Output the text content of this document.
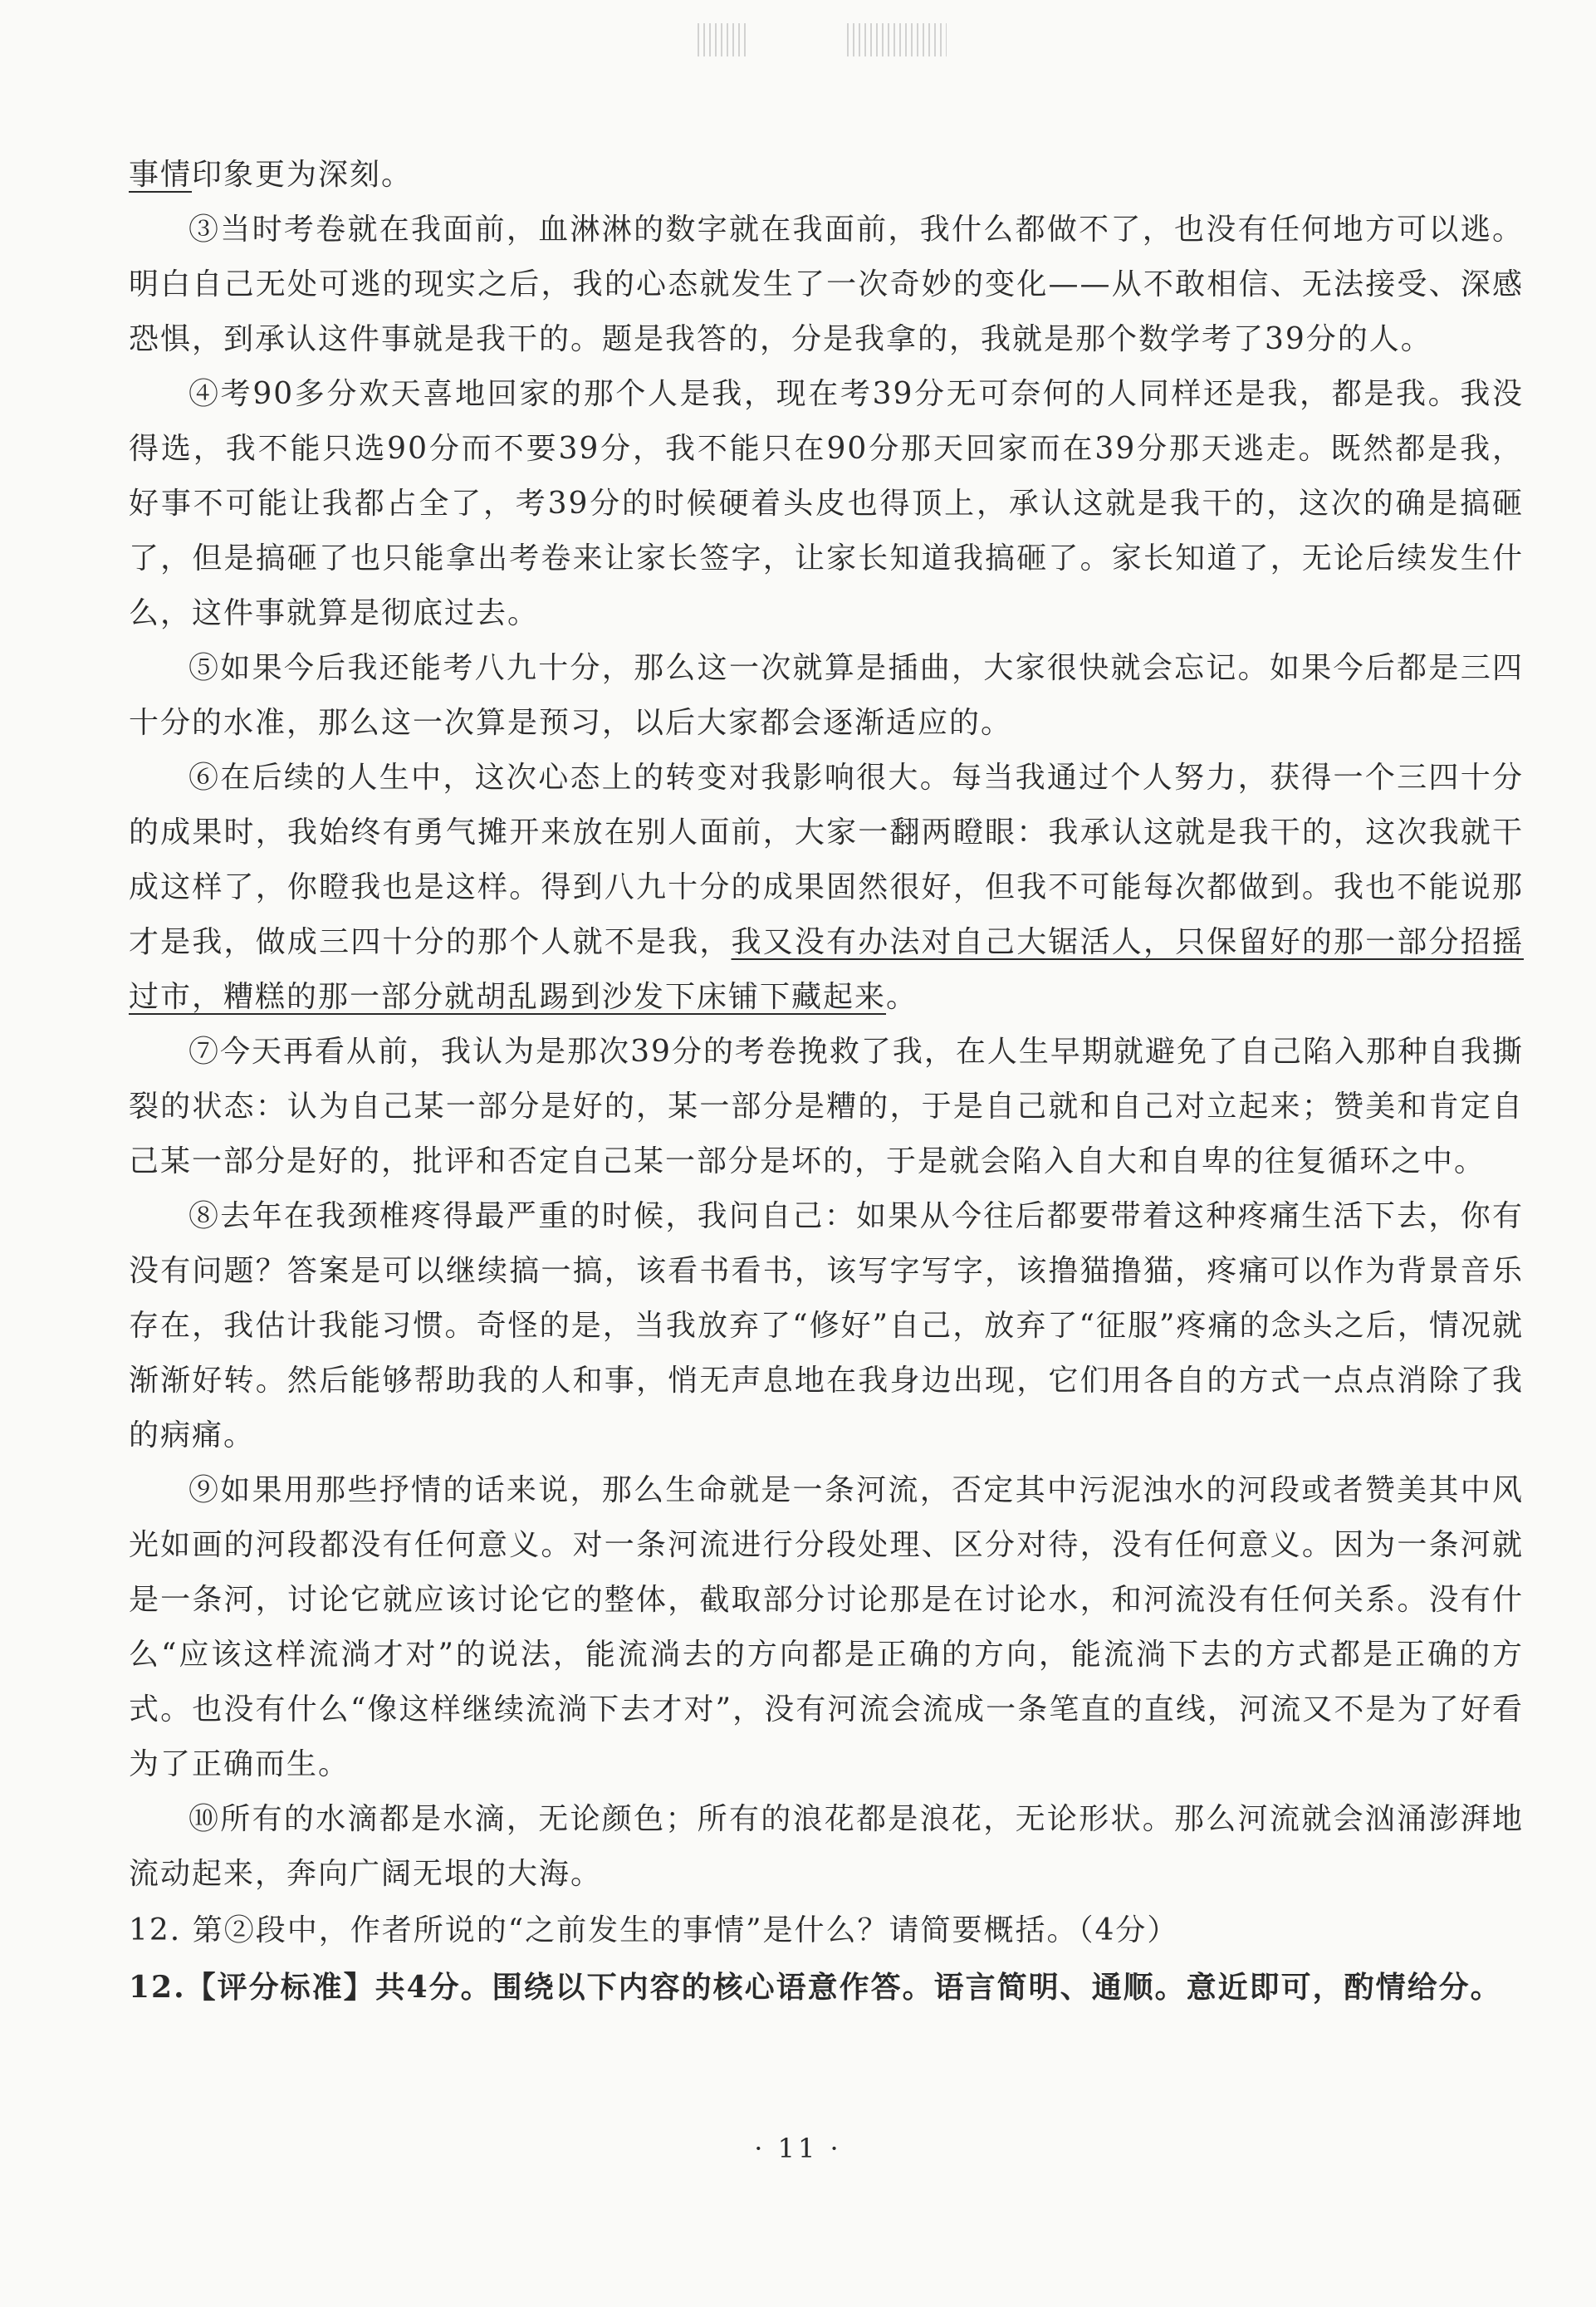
事情印象更为深刻。

③当时考卷就在我面前，血淋淋的数字就在我面前，我什么都做不了，也没有任何地方可以逃。明白自己无处可逃的现实之后，我的心态就发生了一次奇妙的变化——从不敢相信、无法接受、深感恐惧，到承认这件事就是我干的。题是我答的，分是我拿的，我就是那个数学考了39分的人。

④考90多分欢天喜地回家的那个人是我，现在考39分无可奈何的人同样还是我，都是我。我没得选，我不能只选90分而不要39分，我不能只在90分那天回家而在39分那天逃走。既然都是我，好事不可能让我都占全了，考39分的时候硬着头皮也得顶上，承认这就是我干的，这次的确是搞砸了，但是搞砸了也只能拿出考卷来让家长签字，让家长知道我搞砸了。家长知道了，无论后续发生什么，这件事就算是彻底过去。

⑤如果今后我还能考八九十分，那么这一次就算是插曲，大家很快就会忘记。如果今后都是三四十分的水准，那么这一次算是预习，以后大家都会逐渐适应的。

⑥在后续的人生中，这次心态上的转变对我影响很大。每当我通过个人努力，获得一个三四十分的成果时，我始终有勇气摊开来放在别人面前，大家一翻两瞪眼：我承认这就是我干的，这次我就干成这样了，你瞪我也是这样。得到八九十分的成果固然很好，但我不可能每次都做到。我也不能说那才是我，做成三四十分的那个人就不是我，我又没有办法对自己大锯活人，只保留好的那一部分招摇过市，糟糕的那一部分就胡乱踢到沙发下床铺下藏起来。

⑦今天再看从前，我认为是那次39分的考卷挽救了我，在人生早期就避免了自己陷入那种自我撕裂的状态：认为自己某一部分是好的，某一部分是糟的，于是自己就和自己对立起来；赞美和肯定自己某一部分是好的，批评和否定自己某一部分是坏的，于是就会陷入自大和自卑的往复循环之中。

⑧去年在我颈椎疼得最严重的时候，我问自己：如果从今往后都要带着这种疼痛生活下去，你有没有问题？答案是可以继续搞一搞，该看书看书，该写字写字，该撸猫撸猫，疼痛可以作为背景音乐存在，我估计我能习惯。奇怪的是，当我放弃了“修好”自己，放弃了“征服”疼痛的念头之后，情况就渐渐好转。然后能够帮助我的人和事，悄无声息地在我身边出现，它们用各自的方式一点点消除了我的病痛。

⑨如果用那些抒情的话来说，那么生命就是一条河流，否定其中污泥浊水的河段或者赞美其中风光如画的河段都没有任何意义。对一条河流进行分段处理、区分对待，没有任何意义。因为一条河就是一条河，讨论它就应该讨论它的整体，截取部分讨论那是在讨论水，和河流没有任何关系。没有什么“应该这样流淌才对”的说法，能流淌去的方向都是正确的方向，能流淌下去的方式都是正确的方式。也没有什么“像这样继续流淌下去才对”，没有河流会流成一条笔直的直线，河流又不是为了好看为了正确而生。

⑩所有的水滴都是水滴，无论颜色；所有的浪花都是浪花，无论形状。那么河流就会汹涌澎湃地流动起来，奔向广阔无垠的大海。

12. 第②段中，作者所说的“之前发生的事情”是什么？请简要概括。（4分）

12.【评分标准】共4分。围绕以下内容的核心语意作答。语言简明、通顺。意近即可，酌情给分。

· 11 ·
